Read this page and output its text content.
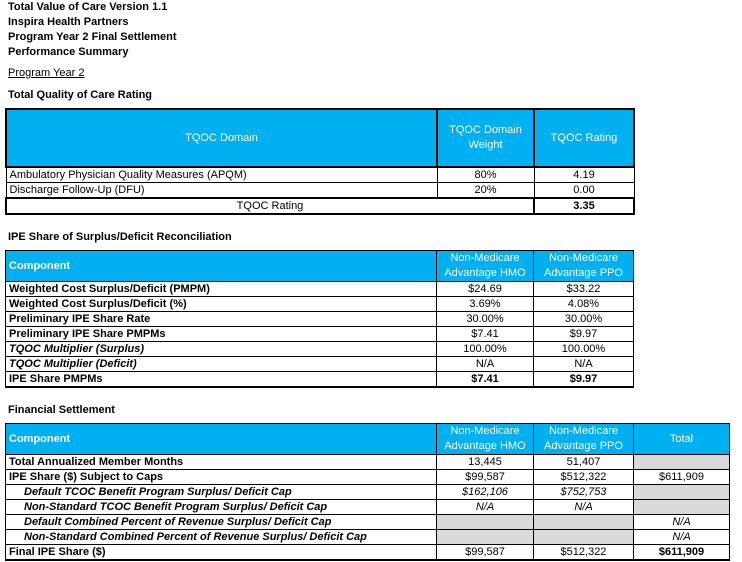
Total Value of Care Version 1.1
Inspira Health Partners
Program Year 2 Final Settlement
Performance Summary
Program Year 2
Total Quality of Care Rating
TQOC Domain	TQOC Domain Weight	TQOC Rating
Ambulatory Physician Quality Measures (APQM)	80%	4.19
Discharge Follow-Up (DFU)	20%	0.00
TQOC Rating		3.35
IPE Share of Surplus/Deficit Reconciliation
Component	Non-Medicare Advantage HMO	Non-Medicare Advantage PPO
Weighted Cost Surplus/Deficit (PMPM)	$24.69	$33.22
Weighted Cost Surplus/Deficit (%)	3.69%	4.08%
Preliminary IPE Share Rate	30.00%	30.00%
Preliminary IPE Share PMPMs	$7.41	$9.97
TQOC Multiplier (Surplus)	100.00%	100.00%
TQOC Multiplier (Deficit)	N/A	N/A
IPE Share PMPMs	$7.41	$9.97
Financial Settlement
Component	Non-Medicare Advantage HMO	Non-Medicare Advantage PPO	Total
Total Annualized Member Months	13,445	51,407	
IPE Share ($) Subject to Caps	$99,587	$512,322	$611,909
Default TCOC Benefit Program Surplus/ Deficit Cap	$162,106	$752,753	
Non-Standard TCOC Benefit Program Surplus/ Deficit Cap	N/A	N/A	
Default Combined Percent of Revenue Surplus/ Deficit Cap			N/A
Non-Standard Combined Percent of Revenue Surplus/ Deficit Cap			N/A
Final IPE Share ($)	$99,587	$512,322	$611,909
